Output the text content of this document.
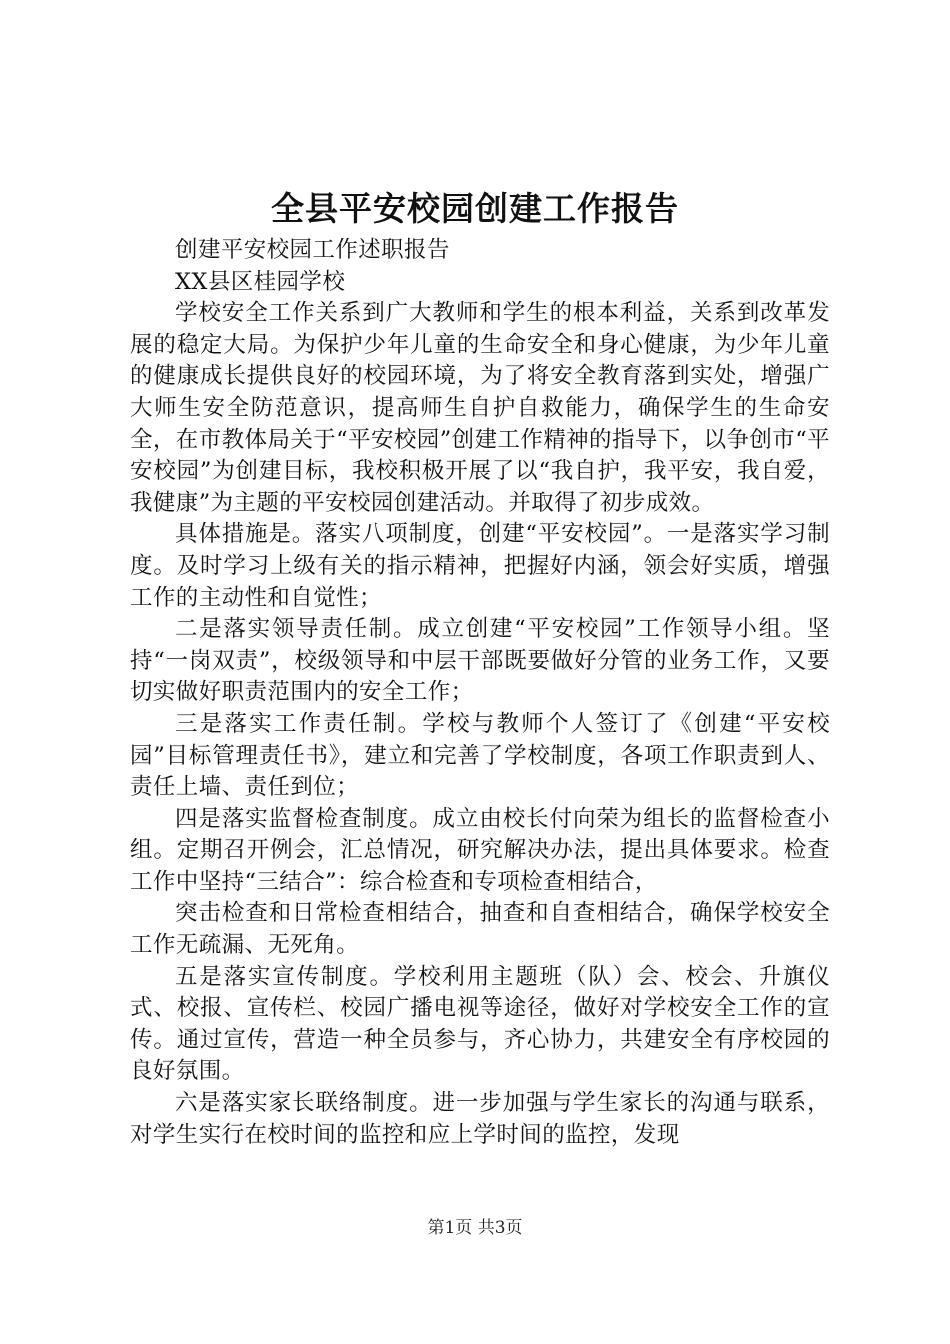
全县平安校园创建工作报告

创建平安校园工作述职报告

XX县区桂园学校

学校安全工作关系到广大教师和学生的根本利益，关系到改革发展的稳定大局。为保护少年儿童的生命安全和身心健康，为少年儿童的健康成长提供良好的校园环境，为了将安全教育落到实处，增强广大师生安全防范意识，提高师生自护自救能力，确保学生的生命安全，在市教体局关于“平安校园”创建工作精神的指导下，以争创市“平安校园”为创建目标，我校积极开展了以“我自护，我平安，我自爱，我健康”为主题的平安校园创建活动。并取得了初步成效。

具体措施是。落实八项制度，创建“平安校园”。一是落实学习制度。及时学习上级有关的指示精神，把握好内涵，领会好实质，增强工作的主动性和自觉性；

二是落实领导责任制。成立创建“平安校园”工作领导小组。坚持“一岗双责”，校级领导和中层干部既要做好分管的业务工作，又要切实做好职责范围内的安全工作；

三是落实工作责任制。学校与教师个人签订了《创建“平安校园”目标管理责任书》，建立和完善了学校制度，各项工作职责到人、责任上墙、责任到位；

四是落实监督检查制度。成立由校长付向荣为组长的监督检查小组。定期召开例会，汇总情况，研究解决办法，提出具体要求。检查工作中坚持“三结合”：综合检查和专项检查相结合，

突击检查和日常检查相结合，抽查和自查相结合，确保学校安全工作无疏漏、无死角。

五是落实宣传制度。学校利用主题班（队）会、校会、升旗仪式、校报、宣传栏、校园广播电视等途径，做好对学校安全工作的宣传。通过宣传，营造一种全员参与，齐心协力，共建安全有序校园的良好氛围。

六是落实家长联络制度。进一步加强与学生家长的沟通与联系，对学生实行在校时间的监控和应上学时间的监控，发现

第1页 共3页
